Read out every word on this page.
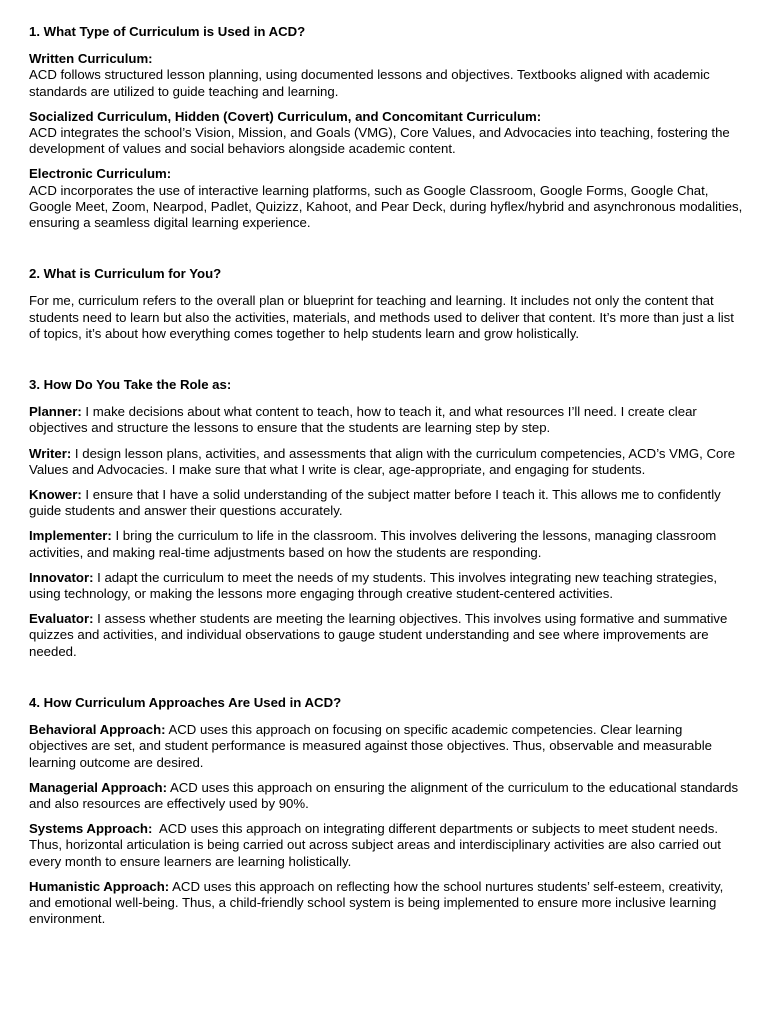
1. What Type of Curriculum is Used in ACD?

Written Curriculum:

ACD follows structured lesson planning, using documented lessons and objectives. Textbooks aligned with academic standards are utilized to guide teaching and learning.

Socialized Curriculum, Hidden (Covert) Curriculum, and Concomitant Curriculum:

ACD integrates the school’s Vision, Mission, and Goals (VMG), Core Values, and Advocacies into teaching, fostering the development of values and social behaviors alongside academic content.

Electronic Curriculum:

ACD incorporates the use of interactive learning platforms, such as Google Classroom, Google Forms, Google Chat, Google Meet, Zoom, Nearpod, Padlet, Quizizz, Kahoot, and Pear Deck, during hyflex/hybrid and asynchronous modalities, ensuring a seamless digital learning experience.

2. What is Curriculum for You?

For me, curriculum refers to the overall plan or blueprint for teaching and learning. It includes not only the content that students need to learn but also the activities, materials, and methods used to deliver that content. It’s more than just a list of topics, it’s about how everything comes together to help students learn and grow holistically.

3. How Do You Take the Role as:

Planner: I make decisions about what content to teach, how to teach it, and what resources I’ll need. I create clear objectives and structure the lessons to ensure that the students are learning step by step.

Writer: I design lesson plans, activities, and assessments that align with the curriculum competencies, ACD’s VMG, Core Values and Advocacies. I make sure that what I write is clear, age-appropriate, and engaging for students.

Knower: I ensure that I have a solid understanding of the subject matter before I teach it. This allows me to confidently guide students and answer their questions accurately.

Implementer: I bring the curriculum to life in the classroom. This involves delivering the lessons, managing classroom activities, and making real-time adjustments based on how the students are responding.

Innovator: I adapt the curriculum to meet the needs of my students. This involves integrating new teaching strategies, using technology, or making the lessons more engaging through creative student-centered activities.

Evaluator: I assess whether students are meeting the learning objectives. This involves using formative and summative quizzes and activities, and individual observations to gauge student understanding and see where improvements are needed.

4. How Curriculum Approaches Are Used in ACD?

Behavioral Approach: ACD uses this approach on focusing on specific academic competencies. Clear learning objectives are set, and student performance is measured against those objectives. Thus, observable and measurable learning outcome are desired.

Managerial Approach: ACD uses this approach on ensuring the alignment of the curriculum to the educational standards and also resources are effectively used by 90%.

Systems Approach:  ACD uses this approach on integrating different departments or subjects to meet student needs. Thus, horizontal articulation is being carried out across subject areas and interdisciplinary activities are also carried out every month to ensure learners are learning holistically.

Humanistic Approach: ACD uses this approach on reflecting how the school nurtures students’ self-esteem, creativity, and emotional well-being. Thus, a child-friendly school system is being implemented to ensure more inclusive learning environment.
